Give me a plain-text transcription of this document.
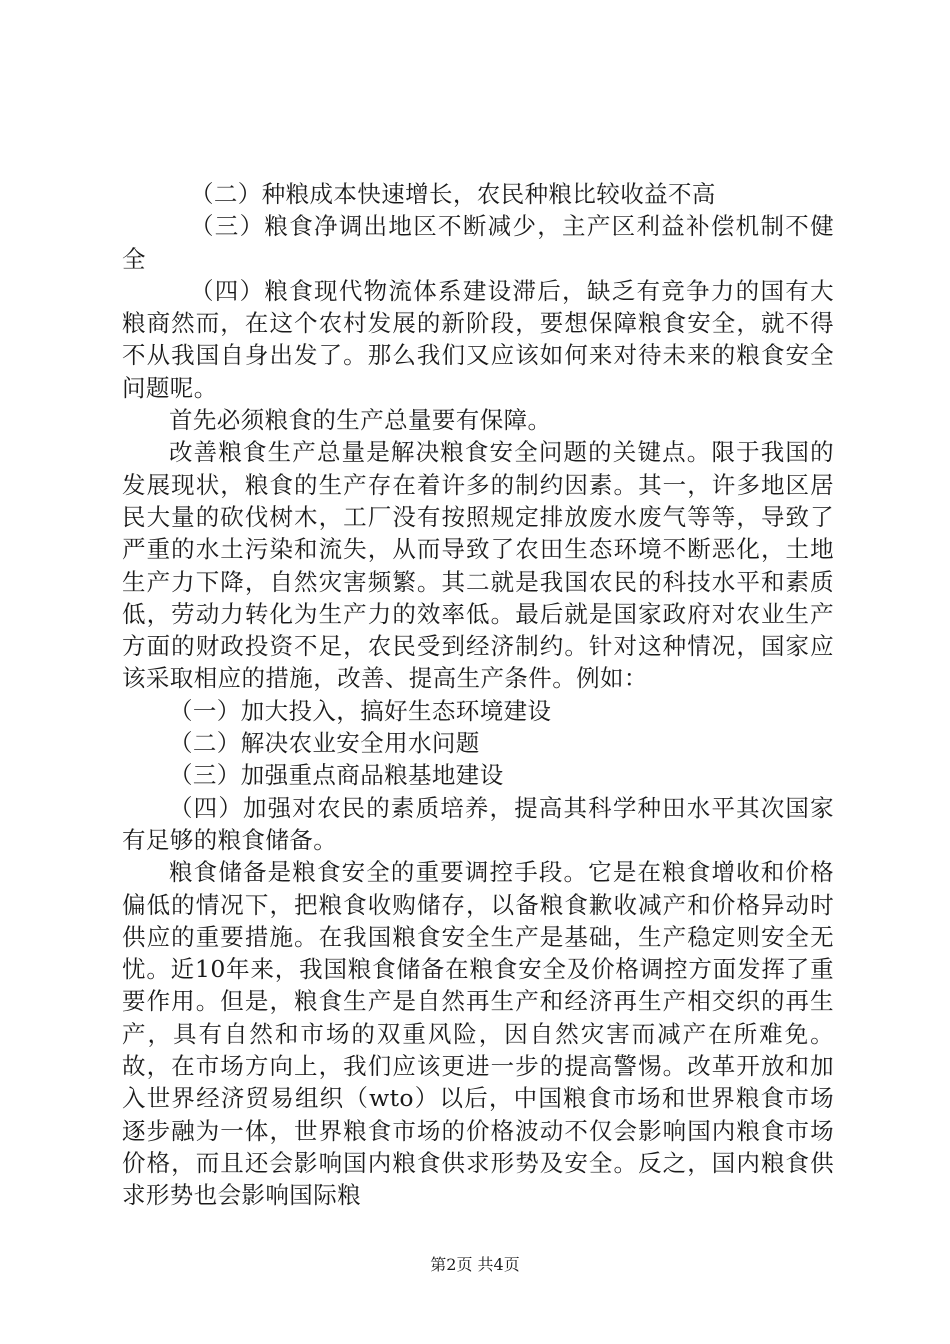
（二）种粮成本快速增长，农民种粮比较收益不高

（三）粮食净调出地区不断减少，主产区利益补偿机制不健全

（四）粮食现代物流体系建设滞后，缺乏有竞争力的国有大粮商然而，在这个农村发展的新阶段，要想保障粮食安全，就不得不从我国自身出发了。那么我们又应该如何来对待未来的粮食安全问题呢。

首先必须粮食的生产总量要有保障。

改善粮食生产总量是解决粮食安全问题的关键点。限于我国的发展现状，粮食的生产存在着许多的制约因素。其一，许多地区居民大量的砍伐树木，工厂没有按照规定排放废水废气等等，导致了严重的水土污染和流失，从而导致了农田生态环境不断恶化，土地生产力下降，自然灾害频繁。其二就是我国农民的科技水平和素质低，劳动力转化为生产力的效率低。最后就是国家政府对农业生产方面的财政投资不足，农民受到经济制约。针对这种情况，国家应该采取相应的措施，改善、提高生产条件。例如：

（一）加大投入，搞好生态环境建设

（二）解决农业安全用水问题

（三）加强重点商品粮基地建设

（四）加强对农民的素质培养，提高其科学种田水平其次国家有足够的粮食储备。

粮食储备是粮食安全的重要调控手段。它是在粮食增收和价格偏低的情况下，把粮食收购储存，以备粮食歉收减产和价格异动时供应的重要措施。在我国粮食安全生产是基础，生产稳定则安全无忧。近10年来，我国粮食储备在粮食安全及价格调控方面发挥了重要作用。但是，粮食生产是自然再生产和经济再生产相交织的再生产，具有自然和市场的双重风险，因自然灾害而减产在所难免。故，在市场方向上，我们应该更进一步的提高警惕。改革开放和加入世界经济贸易组织（wto）以后，中国粮食市场和世界粮食市场逐步融为一体，世界粮食市场的价格波动不仅会影响国内粮食市场价格，而且还会影响国内粮食供求形势及安全。反之，国内粮食供求形势也会影响国际粮

第2页 共4页
